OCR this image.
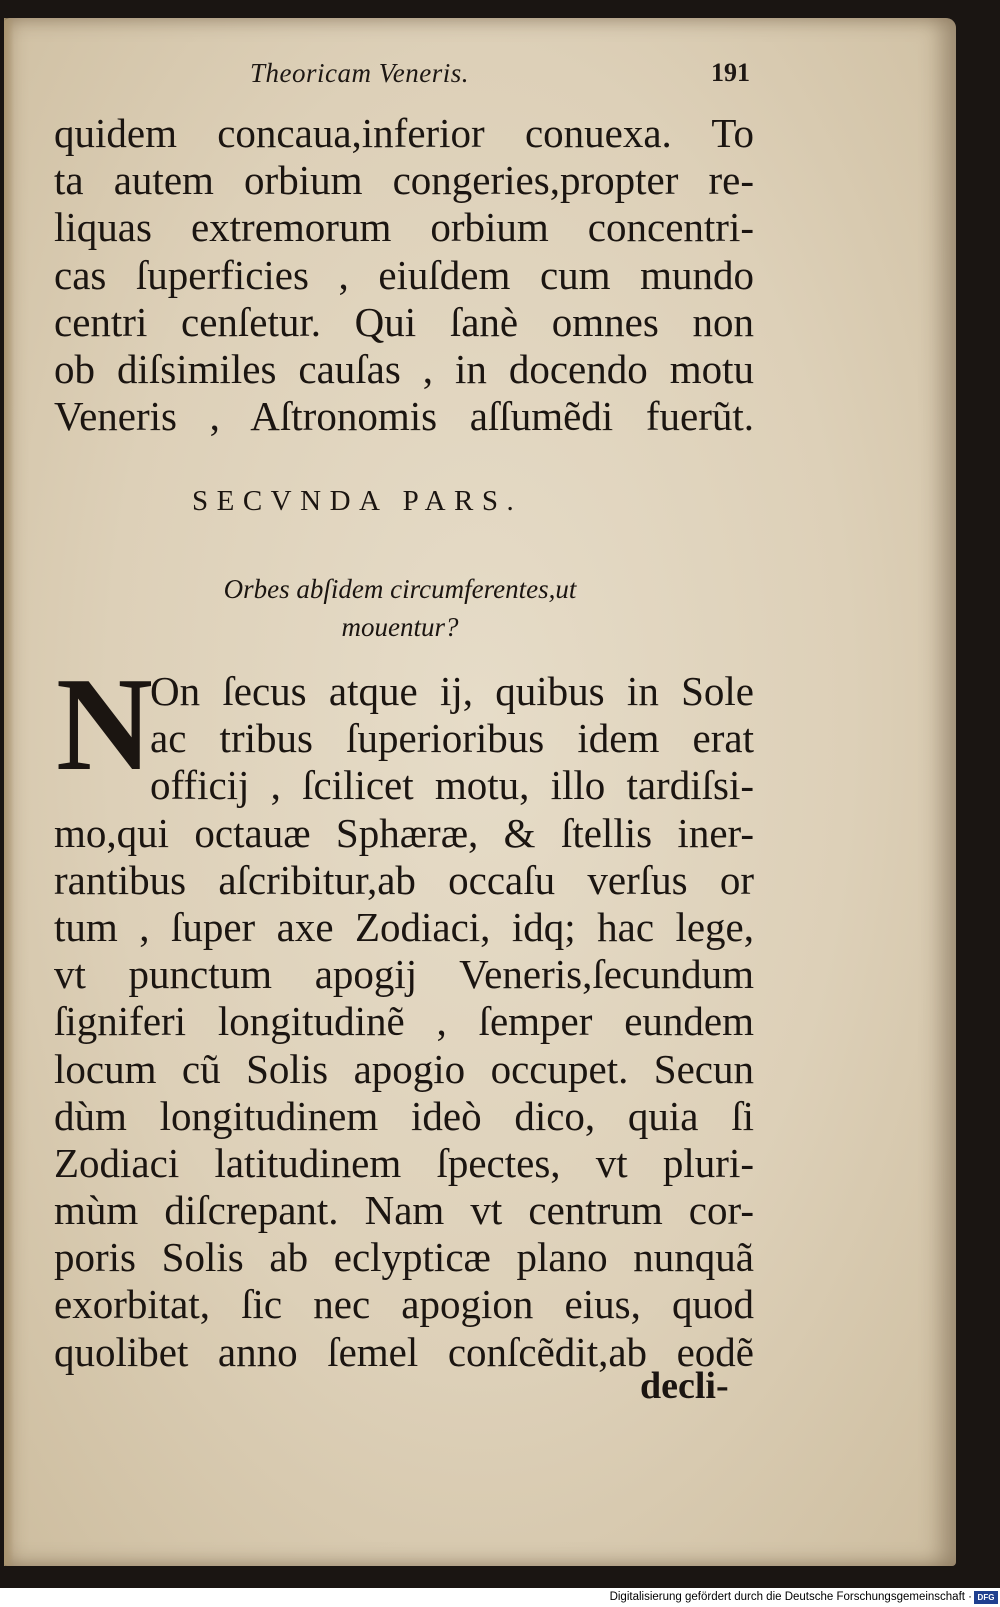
Theoricam Veneris.	191
quidem concaua,inferior conuexa. To
ta autem orbium congeries,propter re-
liquas extremorum orbium concentri-
cas ſuperficies , eiuſdem cum mundo
centri cenſetur. Qui ſanè omnes non
ob diſsimiles cauſas , in docendo motu
Veneris , Aſtronomis aſſumẽdi fuerũt.
SECVNDA PARS.
Orbes abſidem circumferentes,ut
mouentur?
N
On ſecus atque ij, quibus in Sole
ac tribus ſuperioribus idem erat
officij , ſcilicet motu, illo tardiſsi-
mo,qui octauæ Sphæræ, & ſtellis iner-
rantibus aſcribitur,ab occaſu verſus or
tum , ſuper axe Zodiaci, idq; hac lege,
vt punctum apogij Veneris,ſecundum
ſigniferi longitudinẽ , ſemper eundem
locum cũ Solis apogio occupet. Secun
dùm longitudinem ideò dico, quia ſi
Zodiaci latitudinem ſpectes, vt pluri-
mùm diſcrepant. Nam vt centrum cor-
poris Solis ab eclypticæ plano nunquã
exorbitat, ſic nec apogion eius, quod
quolibet anno ſemel conſcẽdit,ab eodẽ
decli-
Digitalisierung gefördert durch die Deutsche Forschungsgemeinschaft · DFG
